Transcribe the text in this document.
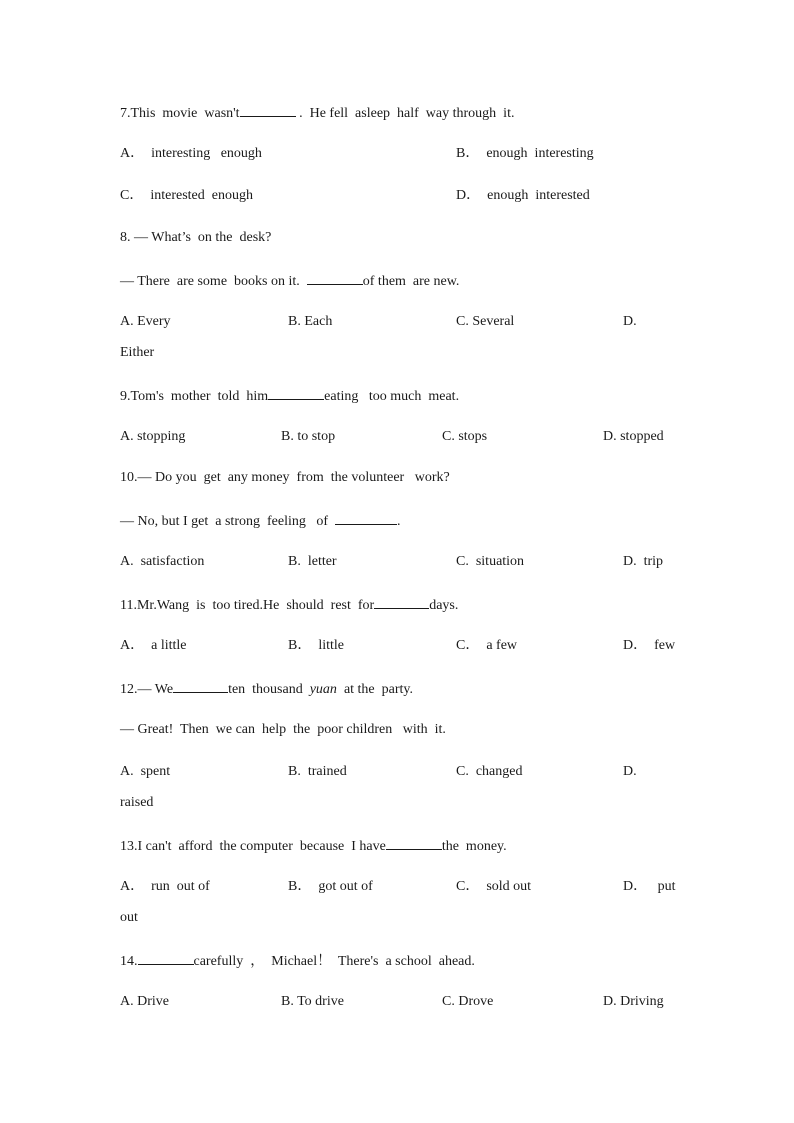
7.This  movie  wasn't	.  He fell  asleep  half  way through  it.
A．  interesting   enough	B．  enough  interesting
C．  interested  enough	D．  enough  interested
8. — What’s  on the  desk?
— There  are some  books on it.	of them  are new.
A. Every	B. Each	C. Several	D.
Either
9.Tom's  mother  told  him	eating   too much  meat.
A. stopping	B. to stop	C. stops	D. stopped
10.— Do you  get  any money  from  the volunteer   work?
— No, but I get  a strong  feeling   of	.
A.  satisfaction	B.  letter	C.  situation	D.  trip
11.Mr.Wang  is  too tired.He  should  rest  for	days.
A．  a little	B．  little	C．  a few	D．  few
12.— We	ten  thousand  yuan  at the  party.
— Great!  Then  we can  help  the  poor children   with  it.
A.  spent	B.  trained	C.  changed	D.
raised
13.I can't  afford  the computer  because  I have	the  money.
A．  run  out of	B．  got out of	C．  sold out	D．   put
out
14.	carefully  ，  Michael！  There's  a school  ahead.
A. Drive	B. To drive	C. Drove	D. Driving
